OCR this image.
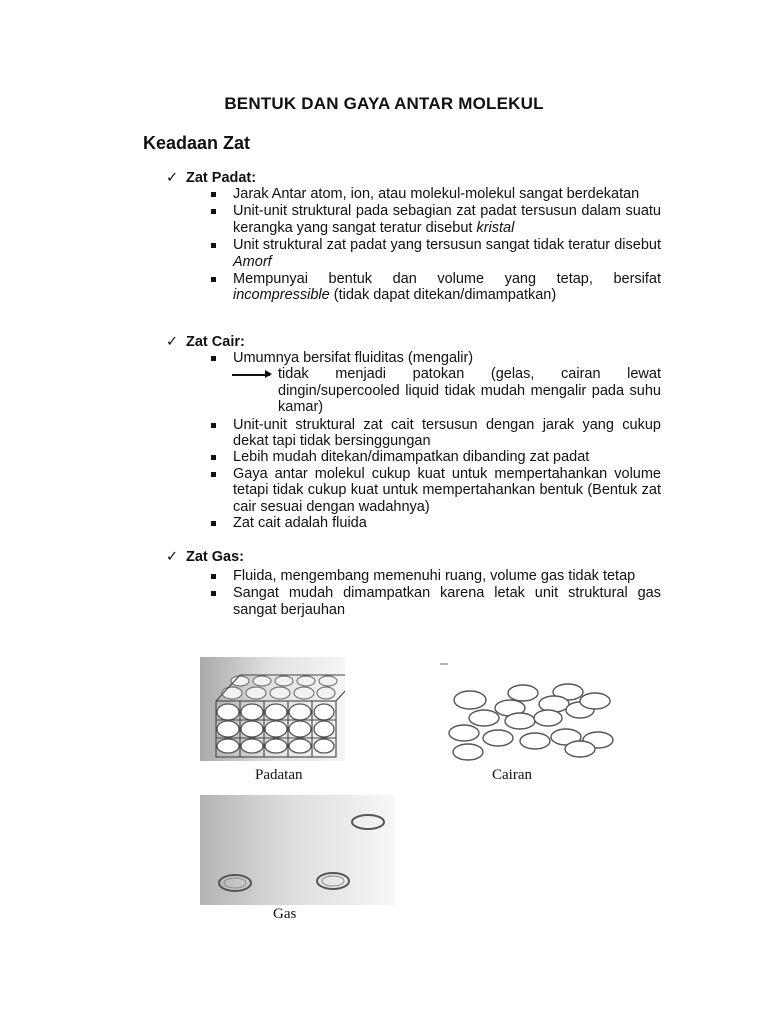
BENTUK DAN GAYA ANTAR MOLEKUL
Keadaan Zat
✓ Zat Padat:
Jarak Antar atom, ion, atau molekul-molekul sangat berdekatan
Unit-unit struktural pada sebagian zat padat tersusun dalam suatu kerangka yang sangat teratur disebut kristal
Unit struktural zat padat yang tersusun sangat tidak teratur disebut Amorf
Mempunyai bentuk dan volume yang tetap, bersifat incompressible (tidak dapat ditekan/dimampatkan)
✓ Zat Cair:
Umumnya bersifat fluiditas (mengalir)
tidak menjadi patokan (gelas, cairan lewat dingin/supercooled liquid tidak mudah mengalir pada suhu kamar)
Unit-unit struktural zat cait tersusun dengan jarak yang cukup dekat tapi tidak bersinggungan
Lebih mudah ditekan/dimampatkan dibanding zat padat
Gaya antar molekul cukup kuat untuk mempertahankan volume tetapi tidak cukup kuat untuk mempertahankan bentuk (Bentuk zat cair sesuai dengan wadahnya)
Zat cait adalah fluida
✓ Zat Gas:
Fluida, mengembang memenuhi ruang, volume gas tidak tetap
Sangat mudah dimampatkan karena letak unit struktural gas sangat berjauhan
Padatan	Cairan
Gas
